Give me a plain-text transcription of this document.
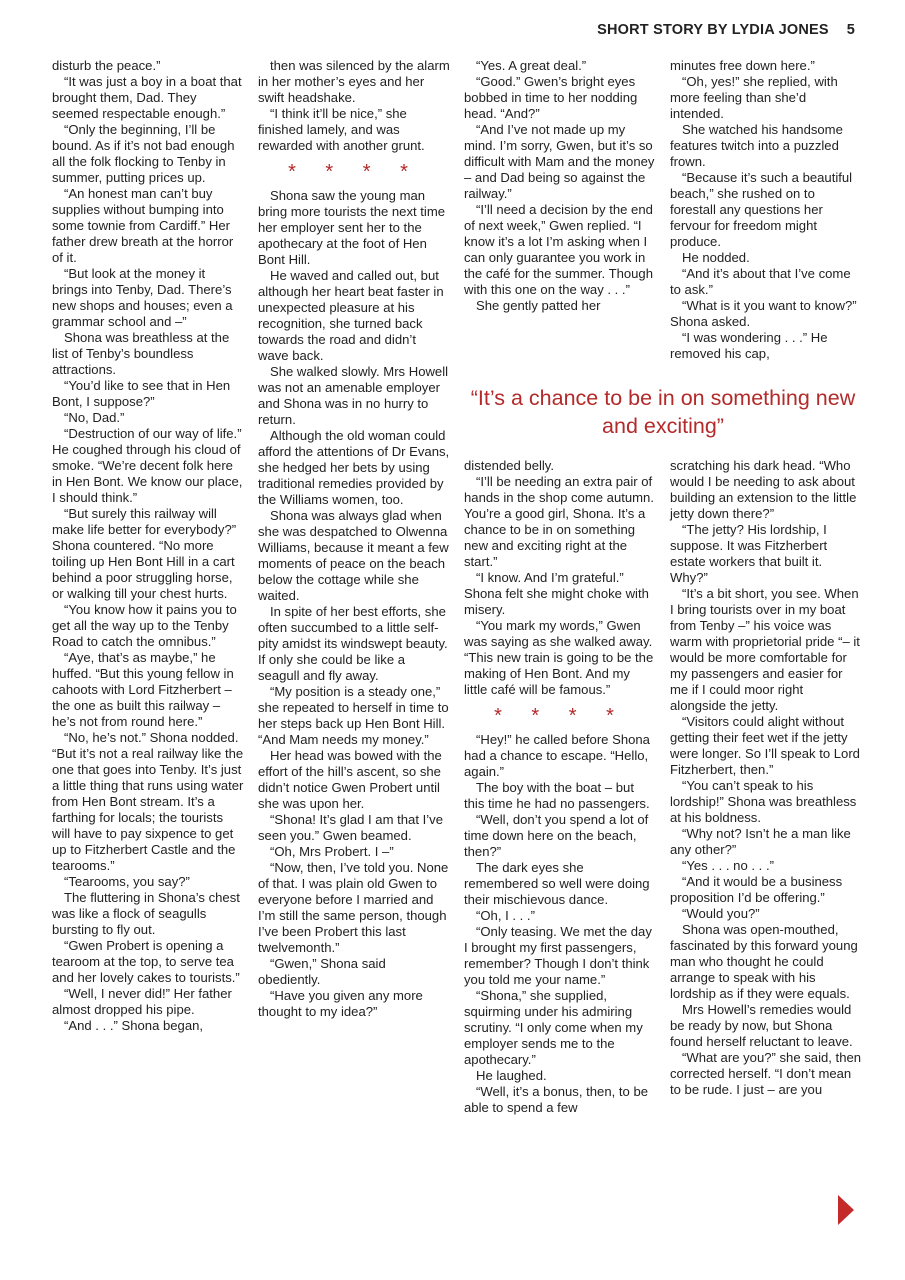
SHORT STORY BY LYDIA JONES 5

disturb the peace.”

“It was just a boy in a boat that brought them, Dad. They seemed respectable enough.”

“Only the beginning, I’ll be bound. As if it’s not bad enough all the folk flocking to Tenby in summer, putting prices up.

“An honest man can’t buy supplies without bumping into some townie from Cardiff.” Her father drew breath at the horror of it.

“But look at the money it brings into Tenby, Dad. There’s new shops and houses; even a grammar school and –”

Shona was breathless at the list of Tenby’s boundless attractions.

“You’d like to see that in Hen Bont, I suppose?”

“No, Dad.”

“Destruction of our way of life.” He coughed through his cloud of smoke. “We’re decent folk here in Hen Bont. We know our place, I should think.”

“But surely this railway will make life better for everybody?” Shona countered. “No more toiling up Hen Bont Hill in a cart behind a poor struggling horse, or walking till your chest hurts.

“You know how it pains you to get all the way up to the Tenby Road to catch the omnibus.”

“Aye, that’s as maybe,” he huffed. “But this young fellow in cahoots with Lord Fitzherbert – the one as built this railway – he’s not from round here.”

“No, he’s not.” Shona nodded. “But it’s not a real railway like the one that goes into Tenby. It’s just a little thing that runs using water from Hen Bont stream. It’s a farthing for locals; the tourists will have to pay sixpence to get up to Fitzherbert Castle and the tearooms.”

“Tearooms, you say?”

The fluttering in Shona’s chest was like a flock of seagulls bursting to fly out.

“Gwen Probert is opening a tearoom at the top, to serve tea and her lovely cakes to tourists.”

“Well, I never did!” Her father almost dropped his pipe.

“And . . .” Shona began,

then was silenced by the alarm in her mother’s eyes and her swift headshake.

“I think it’ll be nice,” she finished lamely, and was rewarded with another grunt.

* * * *

Shona saw the young man bring more tourists the next time her employer sent her to the apothecary at the foot of Hen Bont Hill.

He waved and called out, but although her heart beat faster in unexpected pleasure at his recognition, she turned back towards the road and didn’t wave back.

She walked slowly. Mrs Howell was not an amenable employer and Shona was in no hurry to return.

Although the old woman could afford the attentions of Dr Evans, she hedged her bets by using traditional remedies provided by the Williams women, too.

Shona was always glad when she was despatched to Olwenna Williams, because it meant a few moments of peace on the beach below the cottage while she waited.

In spite of her best efforts, she often succumbed to a little self-pity amidst its windswept beauty. If only she could be like a seagull and fly away.

“My position is a steady one,” she repeated to herself in time to her steps back up Hen Bont Hill. “And Mam needs my money.”

Her head was bowed with the effort of the hill’s ascent, so she didn’t notice Gwen Probert until she was upon her.

“Shona! It’s glad I am that I’ve seen you.” Gwen beamed.

“Oh, Mrs Probert. I –”

“Now, then, I’ve told you. None of that. I was plain old Gwen to everyone before I married and I’m still the same person, though I’ve been Probert this last twelvemonth.”

“Gwen,” Shona said obediently.

“Have you given any more thought to my idea?”

“Yes. A great deal.”

“Good.” Gwen’s bright eyes bobbed in time to her nodding head. “And?”

“And I’ve not made up my mind. I’m sorry, Gwen, but it’s so difficult with Mam and the money – and Dad being so against the railway.”

“I’ll need a decision by the end of next week,” Gwen replied. “I know it’s a lot I’m asking when I can only guarantee you work in the café for the summer. Though with this one on the way . . .”

She gently patted her

minutes free down here.”

“Oh, yes!” she replied, with more feeling than she’d intended.

She watched his handsome features twitch into a puzzled frown.

“Because it’s such a beautiful beach,” she rushed on to forestall any questions her fervour for freedom might produce.

He nodded.

“And it’s about that I’ve come to ask.”

“What is it you want to know?” Shona asked.

“I was wondering . . .” He removed his cap,

“It’s a chance to be in on something new and exciting”

distended belly.

“I’ll be needing an extra pair of hands in the shop come autumn. You’re a good girl, Shona. It’s a chance to be in on something new and exciting right at the start.”

“I know. And I’m grateful.” Shona felt she might choke with misery.

“You mark my words,” Gwen was saying as she walked away. “This new train is going to be the making of Hen Bont. And my little café will be famous.”

* * * *

“Hey!” he called before Shona had a chance to escape. “Hello, again.”

The boy with the boat – but this time he had no passengers.

“Well, don’t you spend a lot of time down here on the beach, then?”

The dark eyes she remembered so well were doing their mischievous dance.

“Oh, I . . .”

“Only teasing. We met the day I brought my first passengers, remember? Though I don’t think you told me your name.”

“Shona,” she supplied, squirming under his admiring scrutiny. “I only come when my employer sends me to the apothecary.”

He laughed.

“Well, it’s a bonus, then, to be able to spend a few

scratching his dark head. “Who would I be needing to ask about building an extension to the little jetty down there?”

“The jetty? His lordship, I suppose. It was Fitzherbert estate workers that built it. Why?”

“It’s a bit short, you see. When I bring tourists over in my boat from Tenby –” his voice was warm with proprietorial pride “– it would be more comfortable for my passengers and easier for me if I could moor right alongside the jetty.

“Visitors could alight without getting their feet wet if the jetty were longer. So I’ll speak to Lord Fitzherbert, then.”

“You can’t speak to his lordship!” Shona was breathless at his boldness.

“Why not? Isn’t he a man like any other?”

“Yes . . . no . . .”

“And it would be a business proposition I’d be offering.”

“Would you?”

Shona was open-mouthed, fascinated by this forward young man who thought he could arrange to speak with his lordship as if they were equals.

Mrs Howell’s remedies would be ready by now, but Shona found herself reluctant to leave.

“What are you?” she said, then corrected herself. “I don’t mean to be rude. I just – are you
